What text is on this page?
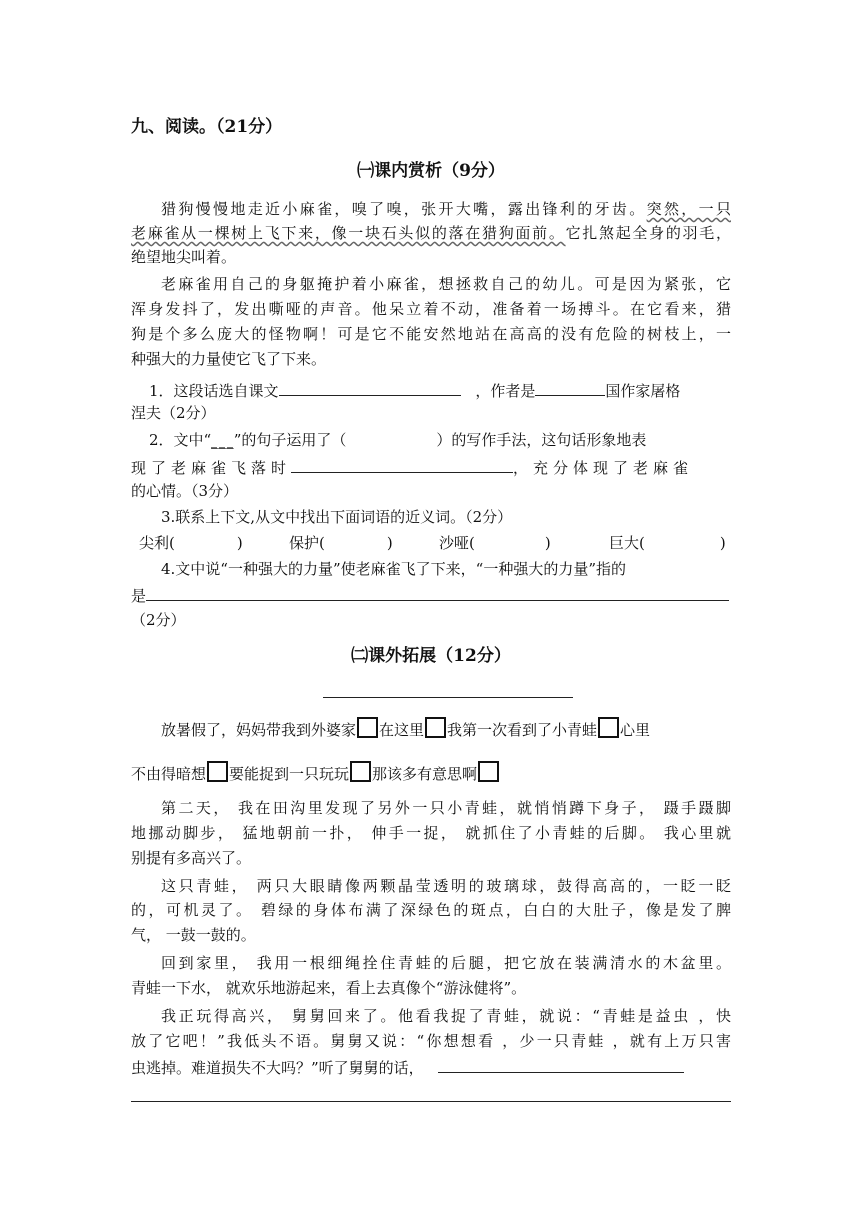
九、阅读。（21分）
㈠课内赏析（9分）
猎狗慢慢地走近小麻雀，嗅了嗅，张开大嘴，露出锋利的牙齿。突然，一只
老麻雀从一棵树上飞下来，像一块石头似的落在猎狗面前。它扎煞起全身的羽毛，
绝望地尖叫着。
老麻雀用自己的身躯掩护着小麻雀，想拯救自己的幼儿。可是因为紧张，它
浑身发抖了，发出嘶哑的声音。他呆立着不动，准备着一场搏斗。在它看来，猎
狗是个多么庞大的怪物啊！可是它不能安然地站在高高的没有危险的树枝上，一
种强大的力量使它飞了下来。
1．这段话选自课文	，作者是	国作家屠格
涅夫（2分）
2．文中“___”的句子运用了（	）的写作手法，这句话形象地表
现了老麻雀飞落时	，充分体现了老麻雀
的心情。（3分）
3.联系上下文,从文中找出下面词语的近义词。（2分）
尖利(	)	保护(	)	沙哑(	)	巨大(	)
4.文中说“一种强大的力量”使老麻雀飞了下来，“一种强大的力量”指的
是
（2分）
㈡课外拓展（12分）
放暑假了，妈妈带我到外婆家 在这里 我第一次看到了小青蛙 心里
不由得暗想 要能捉到一只玩玩 那该多有意思啊
第二天， 我在田沟里发现了另外一只小青蛙，就悄悄蹲下身子， 蹑手蹑脚
地挪动脚步， 猛地朝前一扑， 伸手一捉， 就抓住了小青蛙的后脚。 我心里就
别提有多高兴了。
这只青蛙， 两只大眼睛像两颗晶莹透明的玻璃球，鼓得高高的，一眨一眨
的，可机灵了。 碧绿的身体布满了深绿色的斑点，白白的大肚子，像是发了脾
气， 一鼓一鼓的。
回到家里， 我用一根细绳拴住青蛙的后腿，把它放在装满清水的木盆里。
青蛙一下水， 就欢乐地游起来，看上去真像个“游泳健将”。
我正玩得高兴， 舅舅回来了。他看我捉了青蛙，就说：“青蛙是益虫 ，快
放了它吧！”我低头不语。舅舅又说：“你想想看 ，少一只青蛙 ，就有上万只害
虫逃掉。难道损失不大吗？”听了舅舅的话，
